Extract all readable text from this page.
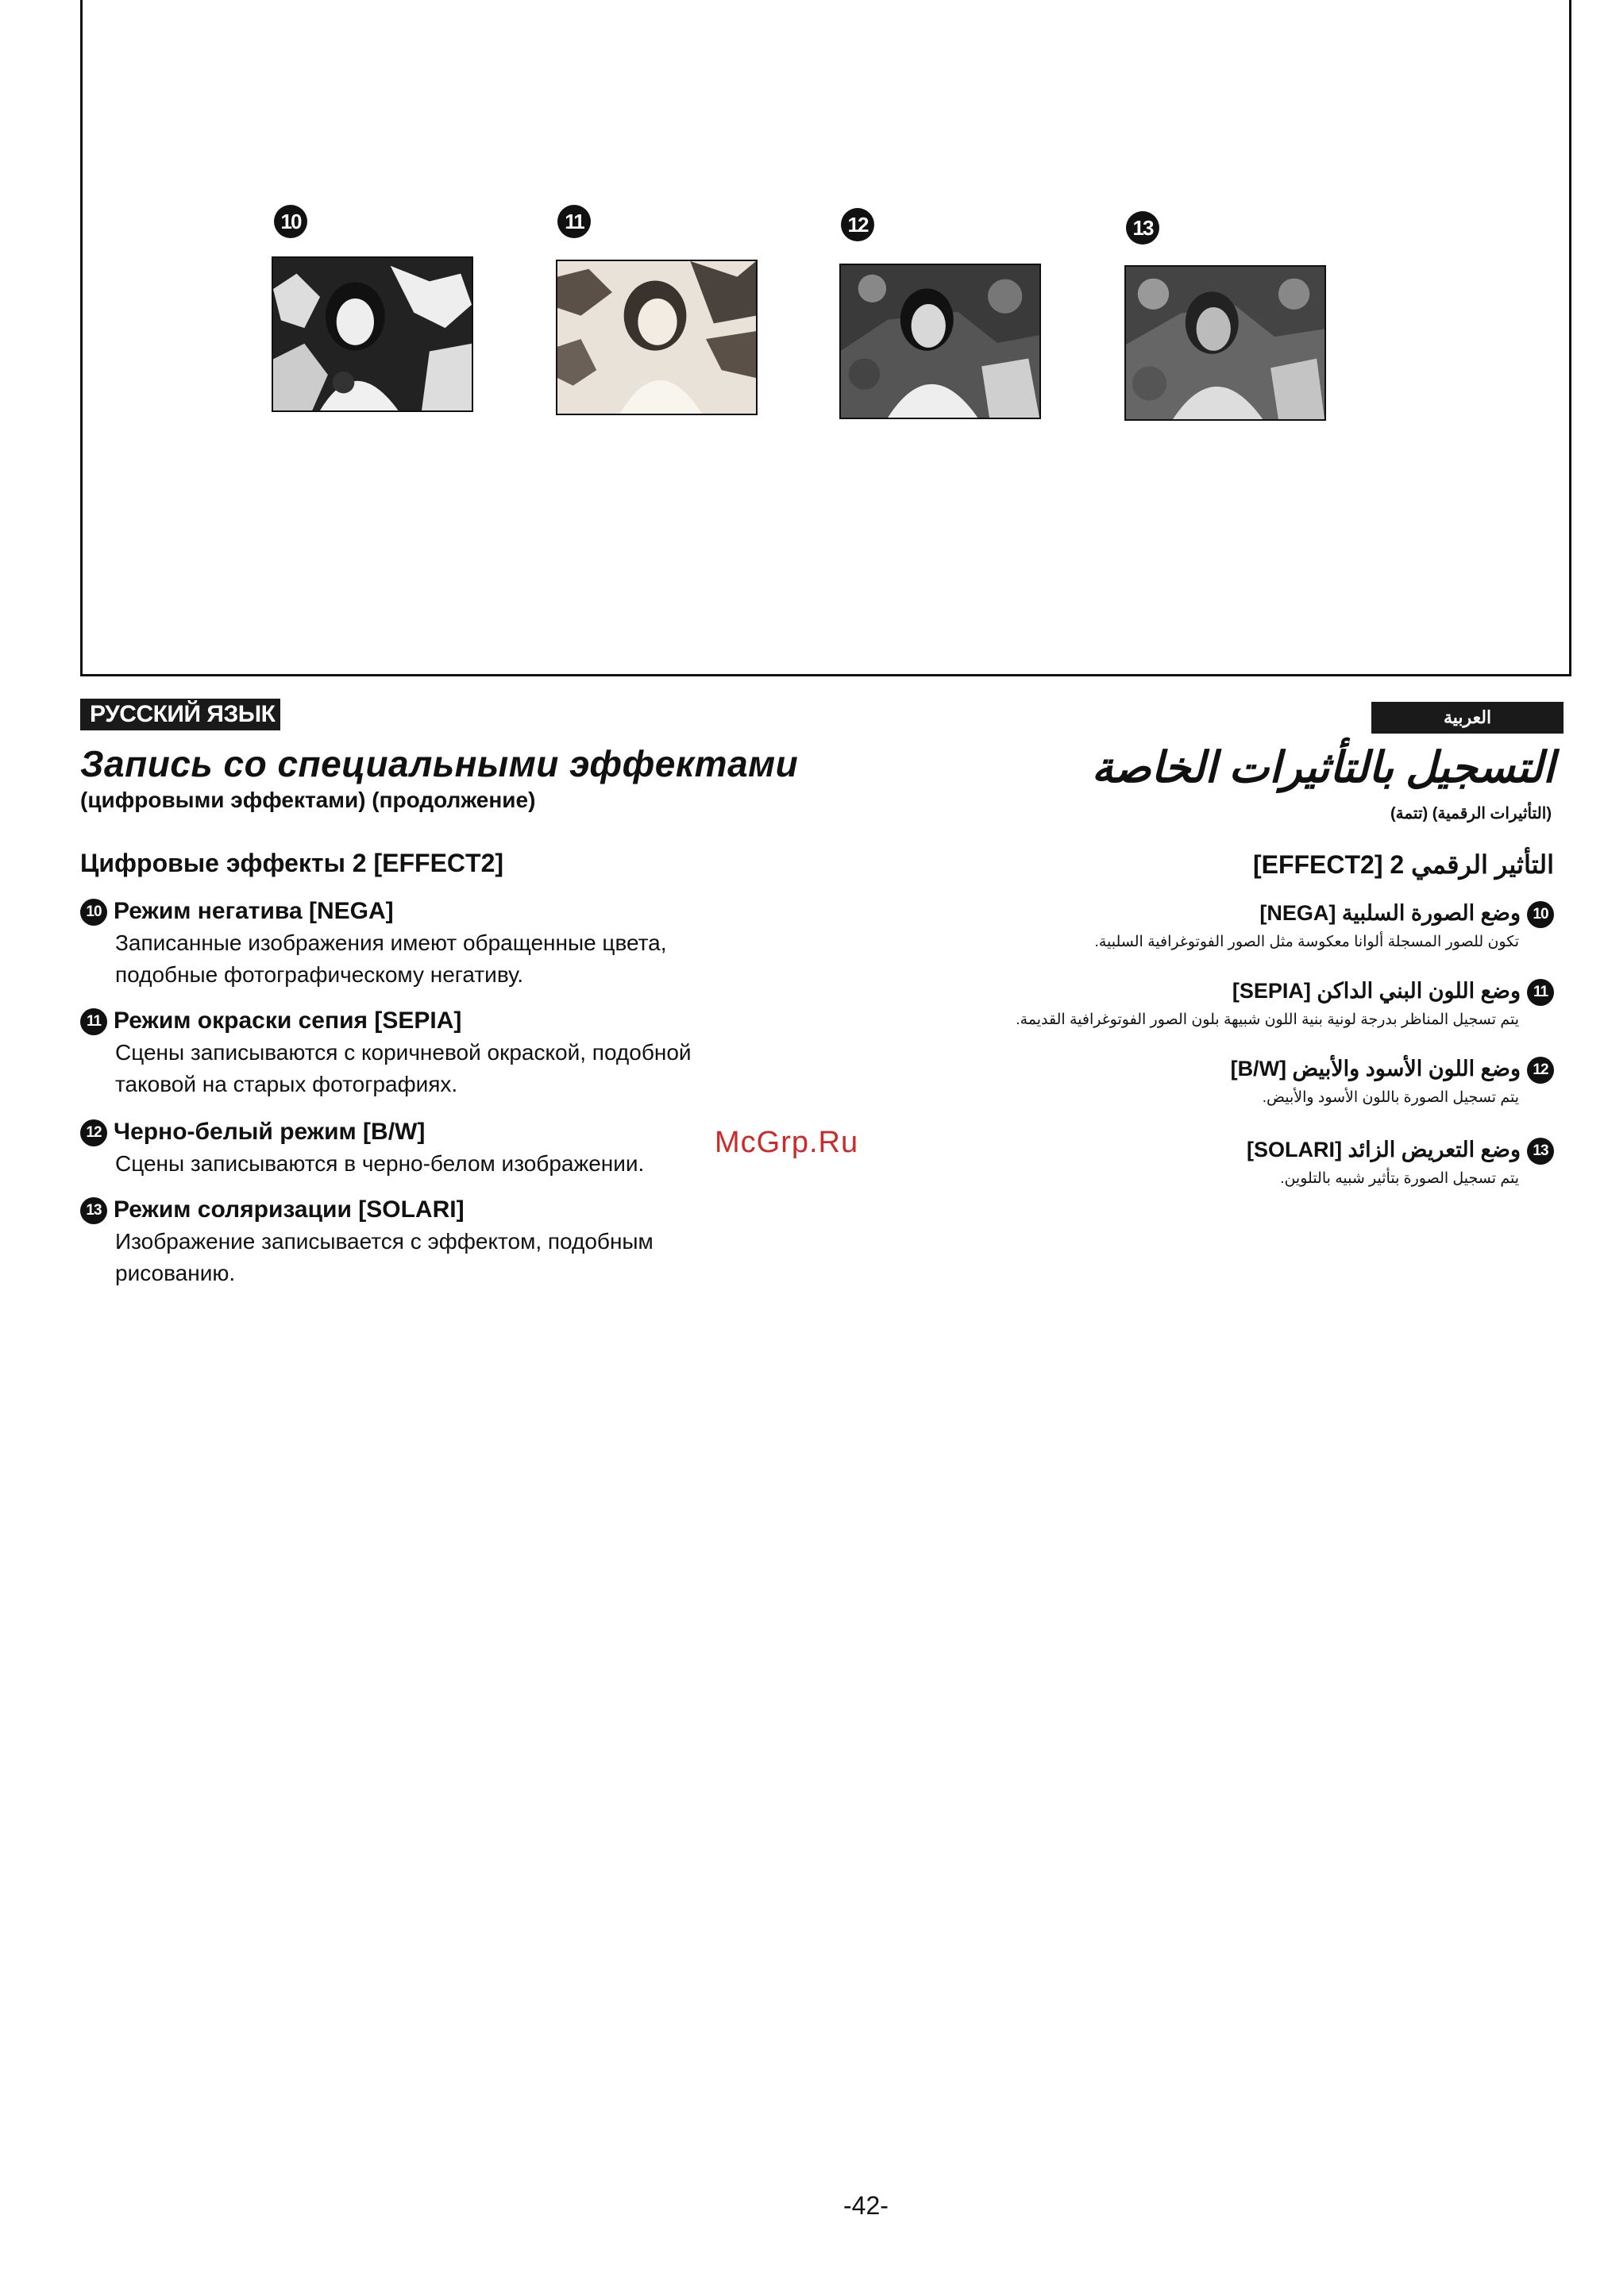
10	11	12	13
РУССКИЙ ЯЗЫК	العربية
Запись со специальными эффектами
(цифровыми эффектами) (продолжение)
Цифровые эффекты 2 [EFFECT2]
10 Режим негатива [NEGA]
Записанные изображения имеют обращенные цвета,
подобные фотографическому негативу.
11 Режим окраски сепия [SEPIA]
Сцены записываются с коричневой окраской, подобной
таковой на старых фотографиях.
12 Черно-белый режим [B/W]
Сцены записываются в черно-белом изображении.
13 Режим соляризации [SOLARI]
Изображение записывается с эффектом, подобным
рисованию.
التسجيل بالتأثيرات الخاصة
(التأثيرات الرقمية) (تتمة)
التأثير الرقمي 2 [EFFECT2]
10وضع الصورة السلبية [NEGA]
تكون للصور المسجلة ألوانا معكوسة مثل الصور الفوتوغرافية السلبية.
11وضع اللون البني الداكن [SEPIA]
يتم تسجيل المناظر بدرجة لونية بنية اللون شبيهة بلون الصور الفوتوغرافية القديمة.
12وضع اللون الأسود والأبيض [B/W]
يتم تسجيل الصورة باللون الأسود والأبيض.
13وضع التعريض الزائد [SOLARI]
يتم تسجيل الصورة بتأثير شبيه بالتلوين.
McGrp.Ru
-42-
